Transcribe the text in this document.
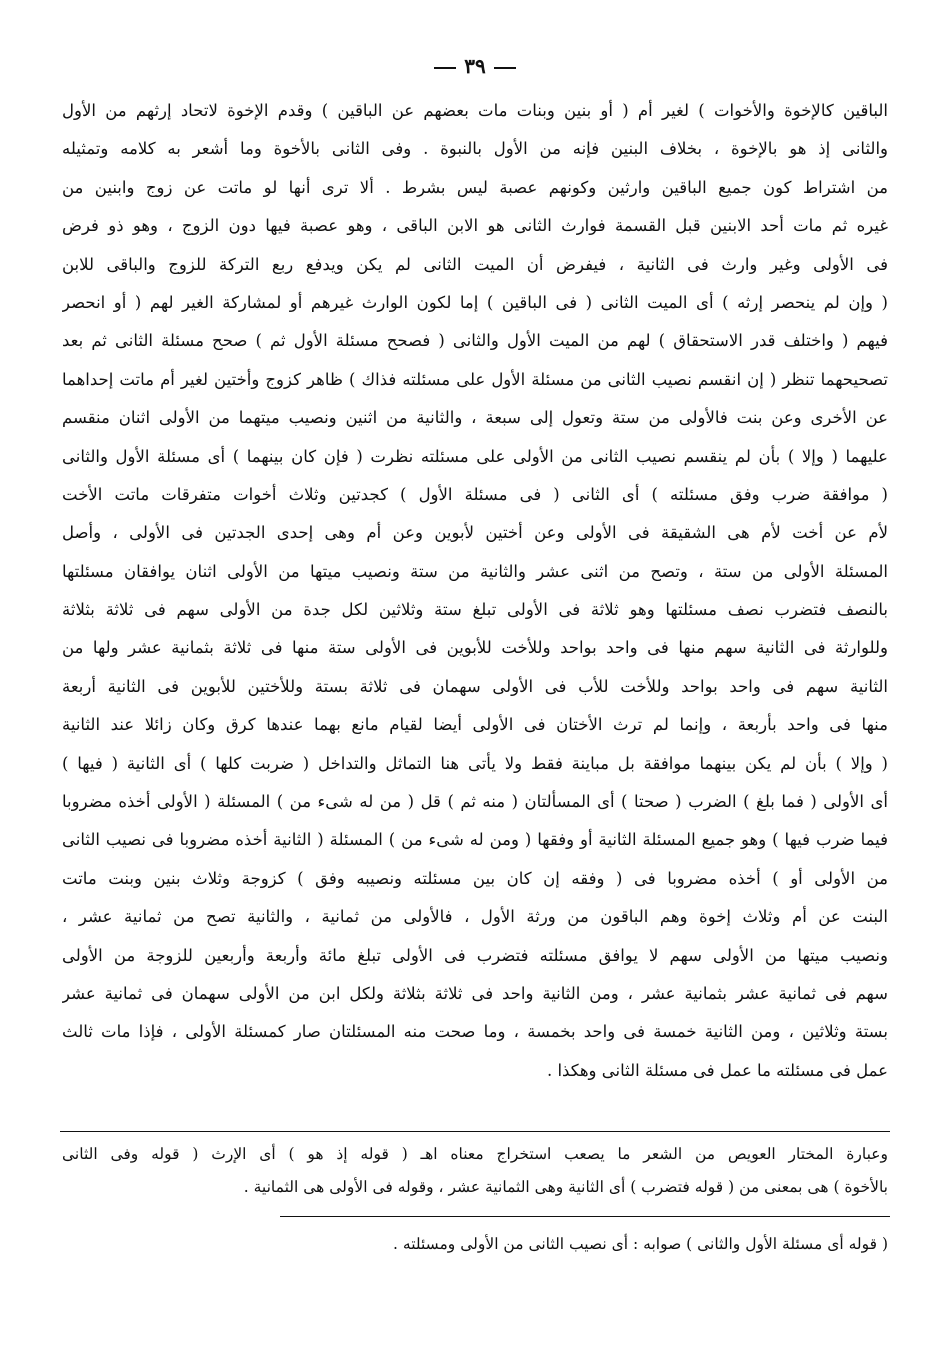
٣٩
الباقين كالإخوة والأخوات ) لغير أم ( أو بنين وبنات مات بعضهم عن الباقين ) وقدم الإخوة لاتحاد إرثهم من الأول
والثانى إذ هو بالإخوة ، بخلاف البنين فإنه من الأول بالنبوة . وفى الثانى بالأخوة وما أشعر به كلامه وتمثيله
من اشتراط كون جميع الباقين وارثين وكونهم عصبة ليس بشرط . ألا ترى أنها لو ماتت عن زوج وابنين من
غيره ثم مات أحد الابنين قبل القسمة فوارث الثانى هو الابن الباقى ، وهو عصبة فيها دون الزوج ، وهو ذو فرض
فى الأولى وغير وارث فى الثانية ، فيفرض أن الميت الثانى لم يكن ويدفع ربع التركة للزوج والباقى للابن
( وإن لم ينحصر إرثه ) أى الميت الثانى ( فى الباقين ) إما لكون الوارث غيرهم أو لمشاركة الغير لهم ( أو انحصر
فيهم ( واختلف قدر الاستحقاق ) لهم من الميت الأول والثانى ( فصحح مسئلة الأول ثم ) صحح مسئلة الثانى ثم بعد
تصحيحهما تنظر ( إن انقسم نصيب الثانى من مسئلة الأول على مسئلته فذاك ) ظاهر كزوج وأختين لغير أم ماتت إحداهما
عن الأخرى وعن بنت فالأولى من ستة وتعول إلى سبعة ، والثانية من اثنين ونصيب ميتهما من الأولى اثنان منقسم
عليهما ( وإلا ) بأن لم ينقسم نصيب الثانى من الأولى على مسئلته نظرت ( فإن كان بينهما ) أى مسئلة الأول والثانى
( موافقة ضرب وفق مسئلته ) أى الثانى ( فى مسئلة الأول ) كجدتين وثلاث أخوات متفرقات ماتت الأخت
لأم عن أخت لأم هى الشقيقة فى الأولى وعن أختين لأبوين وعن أم وهى إحدى الجدتين فى الأولى ، وأصل
المسئلة الأولى من ستة ، وتصح من اثنى عشر والثانية من ستة ونصيب ميتها من الأولى اثنان يوافقان مسئلتها
بالنصف فتضرب نصف مسئلتها وهو ثلاثة فى الأولى تبلغ ستة وثلاثين لكل جدة من الأولى سهم فى ثلاثة بثلاثة
وللوارثة فى الثانية سهم منها فى واحد بواحد وللأخت للأبوين فى الأولى ستة منها فى ثلاثة بثمانية عشر ولها من
الثانية سهم فى واحد بواحد وللأخت للأب فى الأولى سهمان فى ثلاثة بستة وللأختين للأبوين فى الثانية أربعة
منها فى واحد بأربعة ، وإنما لم ترث الأختان فى الأولى أيضا لقيام مانع بهما عندها كرق وكان زائلا عند الثانية
( وإلا ) بأن لم يكن بينهما موافقة بل مباينة فقط ولا يأتى هنا التماثل والتداخل ( ضربت كلها ) أى الثانية ( فيها )
أى الأولى ( فما بلغ ) الضرب ( صحتا ) أى المسألتان ( منه ثم ) قل ( من له شىء من ) المسئلة ( الأولى أخذه مضروبا
فيما ضرب فيها ) وهو جميع المسئلة الثانية أو وفقها ( ومن له شىء من ) المسئلة ( الثانية أخذه مضروبا فى نصيب الثانى
من الأولى أو ) أخذه مضروبا فى ( وفقه إن كان بين مسئلته ونصيبه وفق ) كزوجة وثلاث بنين وبنت ماتت
البنت عن أم وثلاث إخوة وهم الباقون من ورثة الأول ، فالأولى من ثمانية ، والثانية تصح من ثمانية عشر ،
ونصيب ميتها من الأولى سهم لا يوافق مسئلته فتضرب فى الأولى تبلغ مائة وأربعة وأربعين للزوجة من الأولى
سهم فى ثمانية عشر بثمانية عشر ، ومن الثانية واحد فى ثلاثة بثلاثة ولكل ابن من الأولى سهمان فى ثمانية عشر
بستة وثلاثين ، ومن الثانية خمسة فى واحد بخمسة ، وما صحت منه المسئلتان صار كمسئلة الأولى ، فإذا مات ثالث
عمل فى مسئلته ما عمل فى مسئلة الثانى وهكذا .
وعبارة المختار العويص من الشعر ما يصعب استخراج معناه اهـ ( قوله إذ هو ) أى الإرث ( قوله وفى الثانى
بالأخوة ) هى بمعنى من ( قوله فتضرب ) أى الثانية وهى الثمانية عشر ، وقوله فى الأولى هى الثمانية .
( قوله أى مسئلة الأول والثانى ) صوابه : أى نصيب الثانى من الأولى ومسئلته .
